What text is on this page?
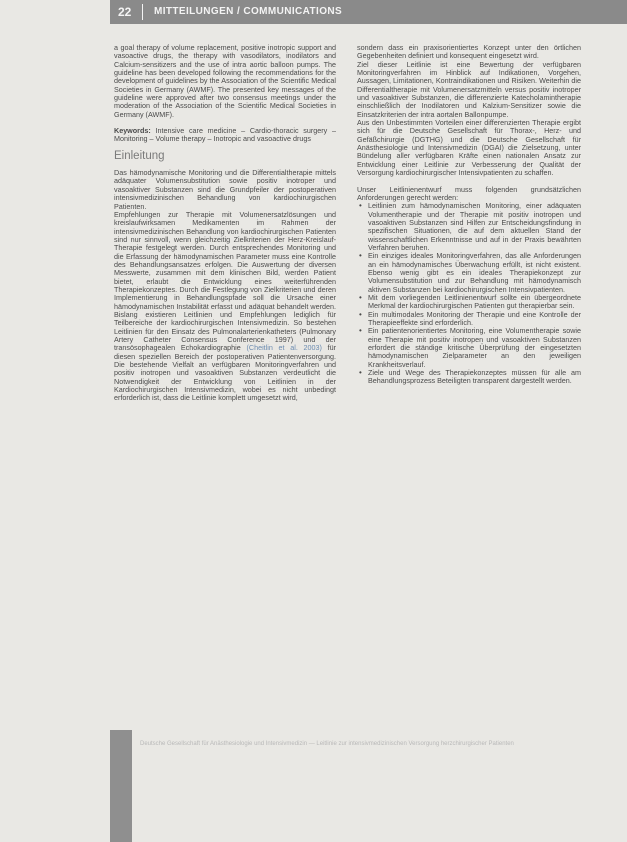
22 MITTEILUNGEN / COMMUNICATIONS

a goal therapy of volume replacement, positive inotropic support and vasoactive drugs, the therapy with vasodilators, inodilators and Calcium-sensitizers and the use of intra aortic balloon pumps. The guideline has been developed following the recommendations for the development of guidelines by the Association of the Scientific Medical Societies in Germany (AWMF). The presented key messages of the guideline were approved after two consensus meetings under the moderation of the Association of the Scientific Medical Societies in Germany (AWMF).

Keywords: Intensive care medicine – Cardio-thoracic surgery – Monitoring – Volume therapy – Inotropic and vasoactive drugs

Einleitung

Das hämodynamische Monitoring und die Differentialtherapie mittels adäquater Volumensubstitution sowie positiv inotroper und vasoaktiver Substanzen sind die Grundpfeiler der postoperativen intensivmedizinischen Behandlung von kardiochirurgischen Patienten.

Empfehlungen zur Therapie mit Volumenersatzlösungen und kreislaufwirksamen Medikamenten im Rahmen der intensivmedizinischen Behandlung von kardiochirurgischen Patienten sind nur sinnvoll, wenn gleichzeitig Zielkriterien der Herz-Kreislauf-Therapie festgelegt werden. Durch entsprechendes Monitoring und die Erfassung der hämodynamischen Parameter muss eine Kontrolle des Behandlungsansatzes erfolgen. Die Auswertung der diversen Messwerte, zusammen mit dem klinischen Bild, werden Patient bietet, erlaubt die Entwicklung eines weiterführenden Therapiekonzeptes. Durch die Festlegung von Zielkriterien und deren Implementierung in Behandlungspfade soll die Ursache einer hämodynamischen Instabilität erfasst und adäquat behandelt werden. Bislang existieren Leitlinien und Empfehlungen lediglich für Teilbereiche der kardiochirurgischen Intensivmedizin. So bestehen Leitlinien für den Einsatz des Pulmonalarterienkatheters (Pulmonary Artery Catheter Consensus Conference 1997) und der transösophagealen Echokardiographie (Cheitlin et al. 2003) für diesen speziellen Bereich der postoperativen Patientenversorgung. Die bestehende Vielfalt an verfügbaren Monitoringverfahren und positiv inotropen und vasoaktiven Substanzen verdeutlicht die Notwendigkeit der Entwicklung von Leitlinien in der Kardiochirurgischen Intensivmedizin, wobei es nicht unbedingt erforderlich ist, dass die Leitlinie komplett umgesetzt wird,

sondern dass ein praxisorientiertes Konzept unter den örtlichen Gegebenheiten definiert und konsequent eingesetzt wird.

Ziel dieser Leitlinie ist eine Bewertung der verfügbaren Monitoringverfahren im Hinblick auf Indikationen, Vorgehen, Aussagen, Limitationen, Kontraindikationen und Risiken. Weiterhin die Differentialtherapie mit Volumenersatzmitteln versus positiv inotroper und vasoaktiver Substanzen, die differenzierte Katecholamintherapie einschließlich der Inodilatoren und Kalzium-Sensitizer sowie die Einsatzkriterien der intra aortalen Ballonpumpe.

Aus den Unbestimmten Vorteilen einer differenzierten Therapie ergibt sich für die Deutsche Gesellschaft für Thorax-, Herz- und Gefäßchirurgie (DGTHG) und die Deutsche Gesellschaft für Anästhesiologie und Intensivmedizin (DGAI) die Zielsetzung, unter Bündelung aller verfügbaren Kräfte einen nationalen Ansatz zur Entwicklung einer Leitlinie zur Verbesserung der Qualität der Versorgung kardiochirurgischer Intensivpatienten zu schaffen.

Unser Leitlinienentwurf muss folgenden grundsätzlichen Anforderungen gerecht werden:

• Leitlinien zum hämodynamischen Monitoring, einer adäquaten Volumentherapie und der Therapie mit positiv inotropen und vasoaktiven Substanzen sind Hilfen zur Entscheidungsfindung in spezifischen Situationen, die auf dem aktuellen Stand der wissenschaftlichen Erkenntnisse und auf in der Praxis bewährten Verfahren beruhen.
• Ein einziges ideales Monitoringverfahren, das alle Anforderungen an ein hämodynamisches Überwachung erfüllt, ist nicht existent. Ebenso wenig gibt es ein ideales Therapiekonzept zur Volumensubstitution und zur Behandlung mit hämodynamisch aktiven Substanzen bei kardiochirurgischen Intensivpatienten.
• Mit dem vorliegenden Leitlinienentwurf sollte ein übergeordnete Merkmal der kardiochirurgischen Patienten gut therapierbar sein.
• Ein multimodales Monitoring der Therapie und eine Kontrolle der Therapieeffekte sind erforderlich.
• Ein patientenorientiertes Monitoring, eine Volumentherapie sowie eine Therapie mit positiv inotropen und vasoaktiven Substanzen erfordert die ständige kritische Überprüfung der eingesetzten hämodynamischen Zielparameter an den jeweiligen Krankheitsverlauf.
• Ziele und Wege des Therapiekonzeptes müssen für alle am Behandlungsprozess Beteiligten transparent dargestellt werden.
Deutsche Gesellschaft für Anästhesiologie und Intensivmedizin — Leitlinie zur intensivmedizinischen Versorgung herzchirurgischer Patienten
